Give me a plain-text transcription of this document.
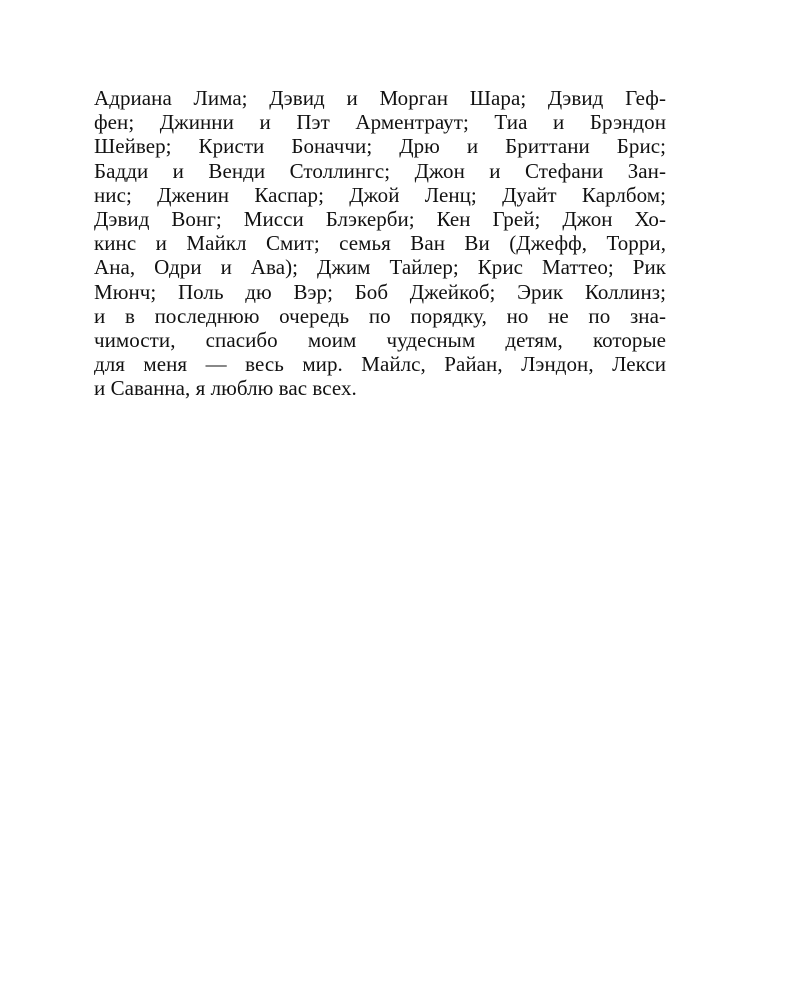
Адриана Лима; Дэвид и Морган Шара; Дэвид Геф-
фен; Джинни и Пэт Арментраут; Тиа и Брэндон
Шейвер; Кристи Боначчи; Дрю и Бриттани Брис;
Бадди и Венди Столлингс; Джон и Стефани Зан-
нис; Дженин Каспар; Джой Ленц; Дуайт Карлбом;
Дэвид Вонг; Мисси Блэкерби; Кен Грей; Джон Хо-
кинс и Майкл Смит; семья Ван Ви (Джефф, Торри,
Ана, Одри и Ава); Джим Тайлер; Крис Маттео; Рик
Мюнч; Поль дю Вэр; Боб Джейкоб; Эрик Коллинз;
и в последнюю очередь по порядку, но не по зна-
чимости, спасибо моим чудесным детям, которые
для меня — весь мир. Майлс, Райан, Лэндон, Лекси
и Саванна, я люблю вас всех.
